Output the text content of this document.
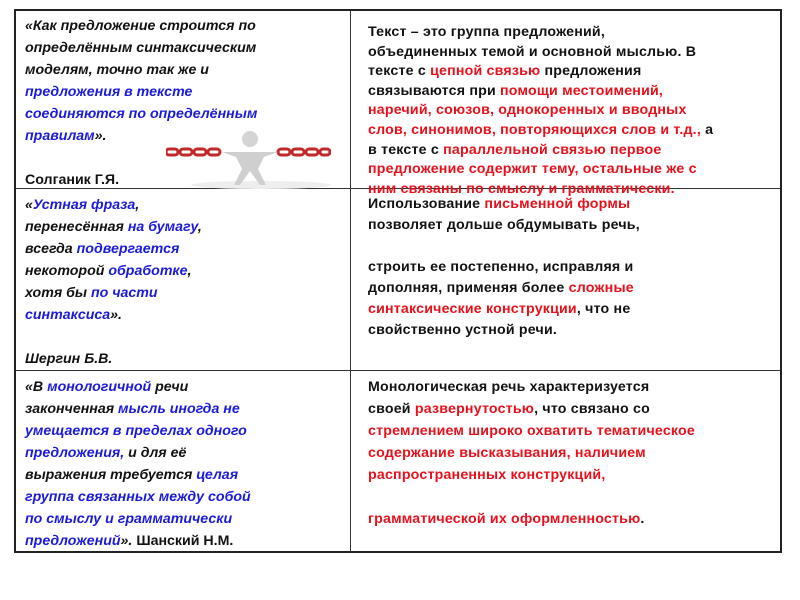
«Как предложение строится по
определённым синтаксическим
моделям, точно так же и
предложения в тексте
соединяются по определённым
правилам».

Солганик Г.Я.
«Устная фраза,
перенесённая на бумагу,
всегда подвергается
некоторой обработке,
хотя бы по части
синтаксиса».

Шергин Б.В.
Использование письменной формы
позволяет дольше обдумывать речь,

строить ее постепенно, исправляя и
дополняя, применяя более сложные
синтаксические конструкции, что не
свойственно устной речи.
«В монологичной речи
законченная мысль иногда не
умещается в пределах одного
предложения, и для её
выражения требуется целая
группа связанных между собой
по смыслу и грамматически
предложений». Шанский Н.М.
Монологическая речь характеризуется
своей развернутостью, что связано со
стремлением широко охватить тематическое
содержание высказывания, наличием
распространенных конструкций,

грамматической их оформленностью.
Текст – это группа предложений,
объединенных темой и основной мыслью. В
тексте с цепной связью предложения
связываются при помощи местоимений,
наречий, союзов, однокоренных и вводных
слов, синонимов, повторяющихся слов и т.д., а
в тексте с параллельной связью первое
предложение содержит тему, остальные же с
ним связаны по смыслу и грамматически.
